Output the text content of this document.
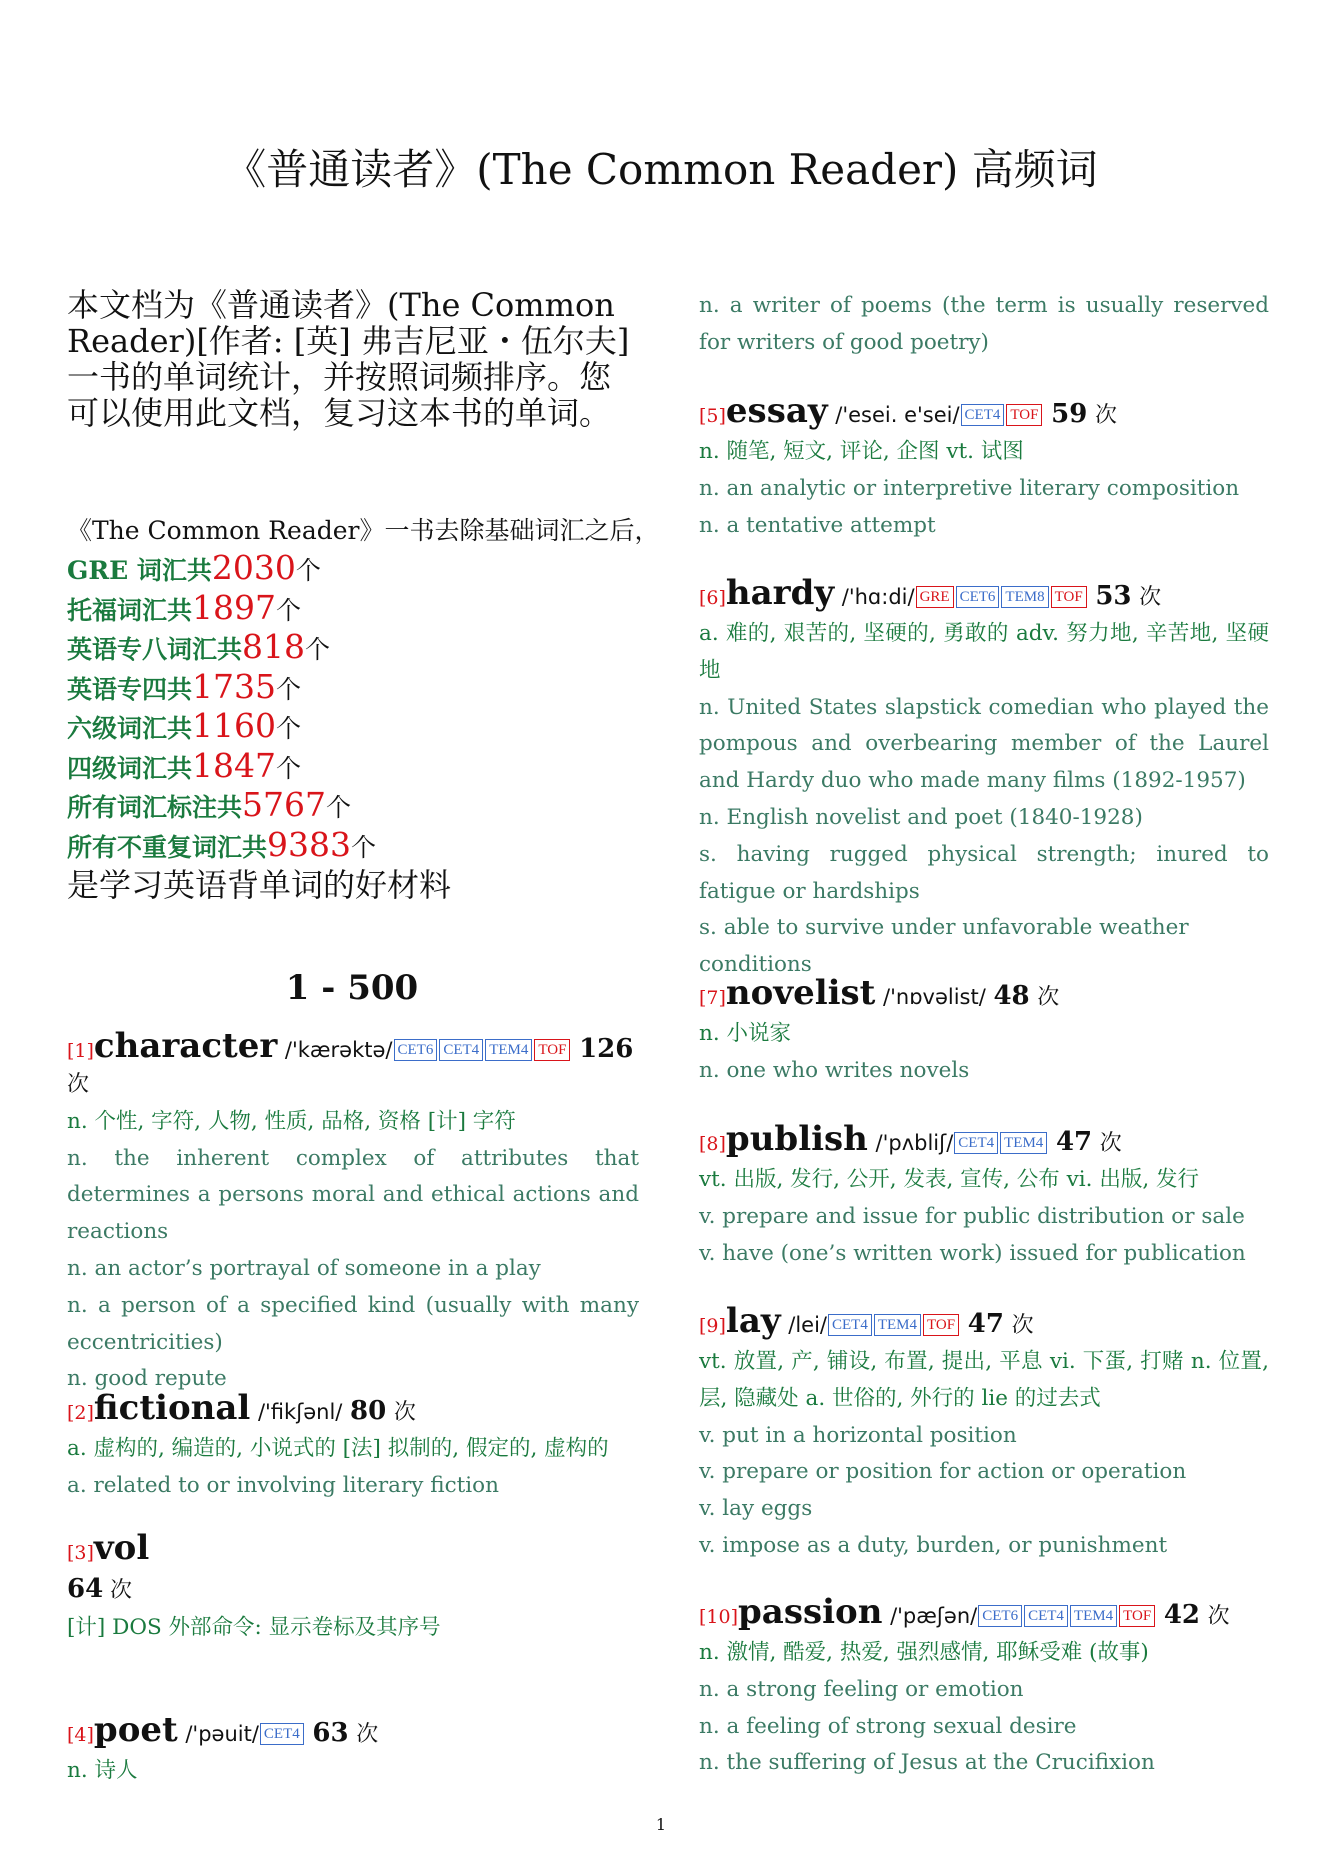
《普通读者》(The Common Reader) 高频词

本文档为《普通读者》(The Common Reader)[作者: [英] 弗吉尼亚・伍尔夫] 一书的单词统计，并按照词频排序。您可以使用此文档，复习这本书的单词。

《The Common Reader》一书去除基础词汇之后，
GRE 词汇共2030个
托福词汇共1897个
英语专八词汇共818个
英语专四共1735个
六级词汇共1160个
四级词汇共1847个
所有词汇标注共5767个
所有不重复词汇共9383个
是学习英语背单词的好材料
1 - 500
[1]character /'kærəktə/ CET6 CET4 TEM4 TOF 126
次
n. 个性, 字符, 人物, 性质, 品格, 资格 [计] 字符
n. the inherent complex of attributes that determines a persons moral and ethical actions and reactions
n. an actor’s portrayal of someone in a play
n. a person of a specified kind (usually with many eccentricities)
n. good repute
[2]fictional /'fikʃənl/ 80 次
a. 虚构的, 编造的, 小说式的 [法] 拟制的, 假定的, 虚构的
a. related to or involving literary fiction
[3]vol
64 次
[计] DOS 外部命令: 显示卷标及其序号
[4]poet /'pəuit/ CET4 63 次
n. 诗人
n. a writer of poems (the term is usually reserved for writers of good poetry)
[5]essay /'esei. e'sei/ CET4 TOF 59 次
n. 随笔, 短文, 评论, 企图 vt. 试图
n. an analytic or interpretive literary composition
n. a tentative attempt
[6]hardy /'hɑ:di/ GRE CET6 TEM8 TOF 53 次
a. 难的, 艰苦的, 坚硬的, 勇敢的 adv. 努力地, 辛苦地, 坚硬地
n. United States slapstick comedian who played the pompous and overbearing member of the Laurel and Hardy duo who made many films (1892-1957)
n. English novelist and poet (1840-1928)
s. having rugged physical strength; inured to fatigue or hardships
s. able to survive under unfavorable weather conditions
[7]novelist /'nɒvəlist/ 48 次
n. 小说家
n. one who writes novels
[8]publish /'pʌbliʃ/ CET4 TEM4 47 次
vt. 出版, 发行, 公开, 发表, 宣传, 公布 vi. 出版, 发行
v. prepare and issue for public distribution or sale
v. have (one’s written work) issued for publication
[9]lay /lei/ CET4 TEM4 TOF 47 次
vt. 放置, 产, 铺设, 布置, 提出, 平息 vi. 下蛋, 打赌 n. 位置, 层, 隐藏处 a. 世俗的, 外行的 lie 的过去式
v. put in a horizontal position
v. prepare or position for action or operation
v. lay eggs
v. impose as a duty, burden, or punishment
[10]passion /'pæʃən/ CET6 CET4 TEM4 TOF 42 次
n. 激情, 酷爱, 热爱, 强烈感情, 耶稣受难 (故事)
n. a strong feeling or emotion
n. a feeling of strong sexual desire
n. the suffering of Jesus at the Crucifixion
1
